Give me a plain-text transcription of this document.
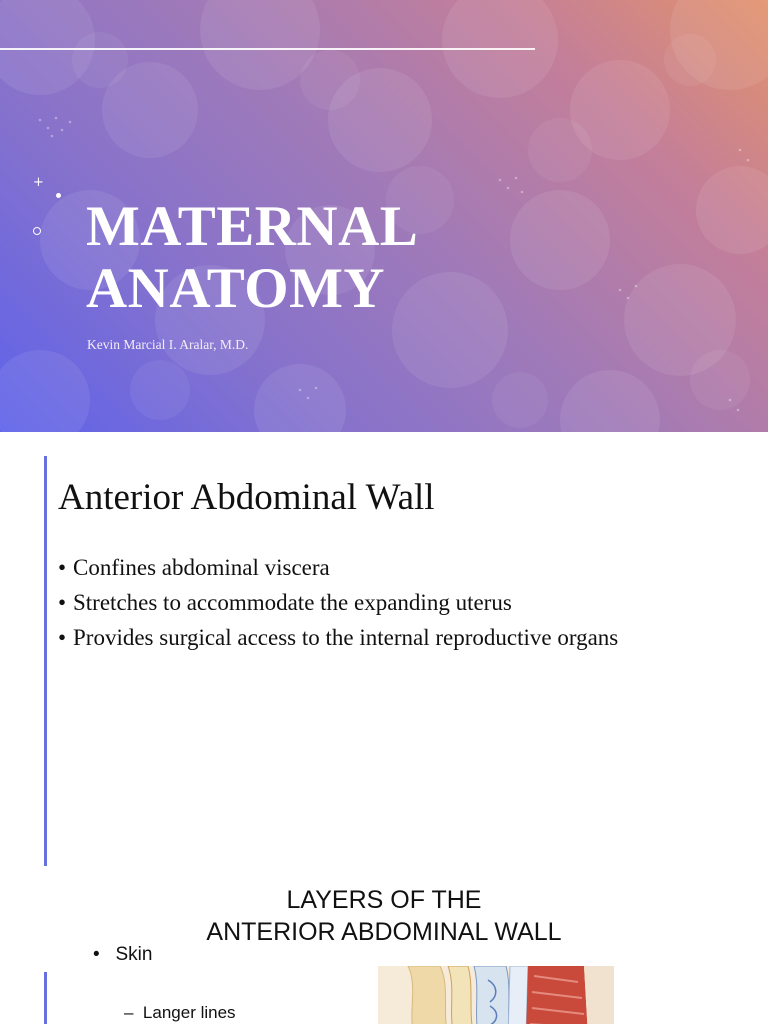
+
MATERNAL
ANATOMY
Kevin Marcial I. Aralar, M.D.
Anterior Abdominal Wall
• Confines abdominal viscera
• Stretches to accommodate the expanding uterus
• Provides surgical access to the internal reproductive organs
LAYERS OF THE
ANTERIOR ABDOMINAL WALL
• Skin
– Langer lines
